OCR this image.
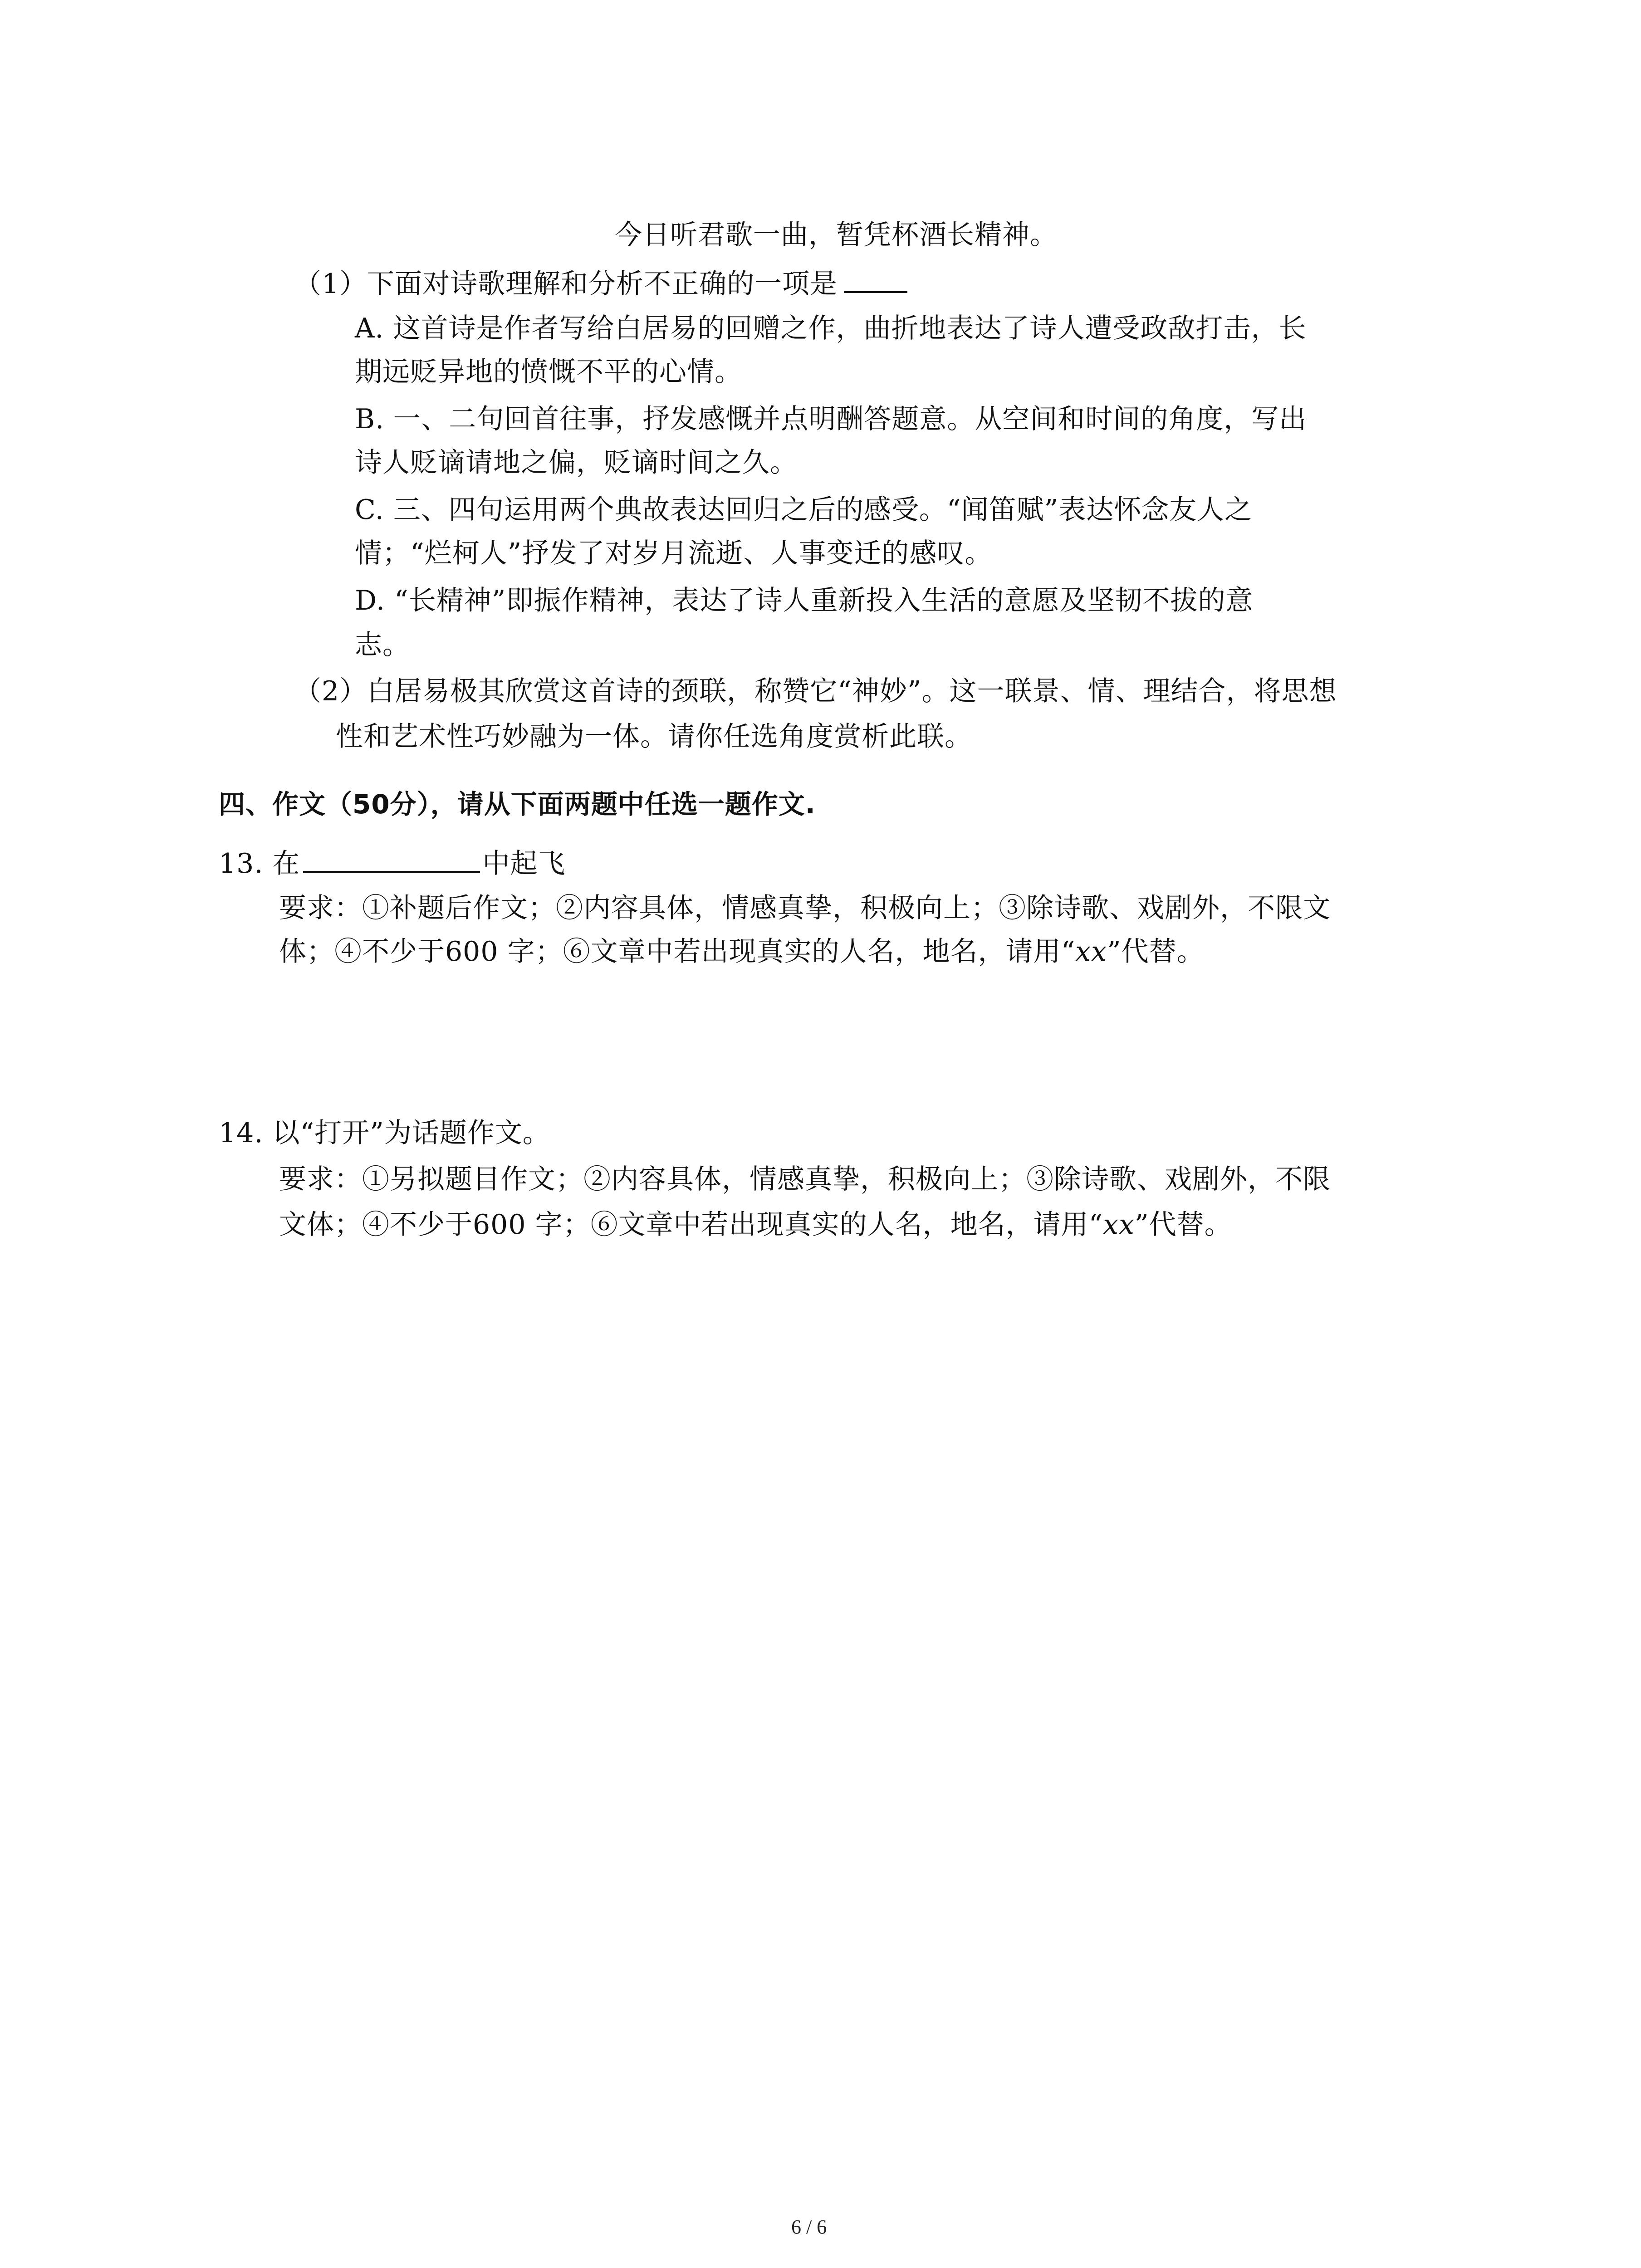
今日听君歌一曲，暂凭杯酒长精神。
（1）下面对诗歌理解和分析不正确的一项是
A. 这首诗是作者写给白居易的回赠之作，曲折地表达了诗人遭受政敌打击，长
期远贬异地的愤慨不平的心情。
B. 一、二句回首往事，抒发感慨并点明酬答题意。从空间和时间的角度，写出
诗人贬谪请地之偏，贬谪时间之久。
C. 三、四句运用两个典故表达回归之后的感受。“闻笛赋”表达怀念友人之
情；“烂柯人”抒发了对岁月流逝、人事变迁的感叹。
D. “长精神”即振作精神，表达了诗人重新投入生活的意愿及坚韧不拔的意
志。
（2）白居易极其欣赏这首诗的颈联，称赞它“神妙”。这一联景、情、理结合，将思想
性和艺术性巧妙融为一体。请你任选角度赏析此联。
四、作文（50分），请从下面两题中任选一题作文.
13. 在	中起飞
要求：①补题后作文；②内容具体，情感真挚，积极向上；③除诗歌、戏剧外，不限文
体；④不少于600 字；⑥文章中若出现真实的人名，地名，请用“xx”代替。
14. 以“打开”为话题作文。
要求：①另拟题目作文；②内容具体，情感真挚，积极向上；③除诗歌、戏剧外，不限
文体；④不少于600 字；⑥文章中若出现真实的人名，地名，请用“xx”代替。
6 / 6
